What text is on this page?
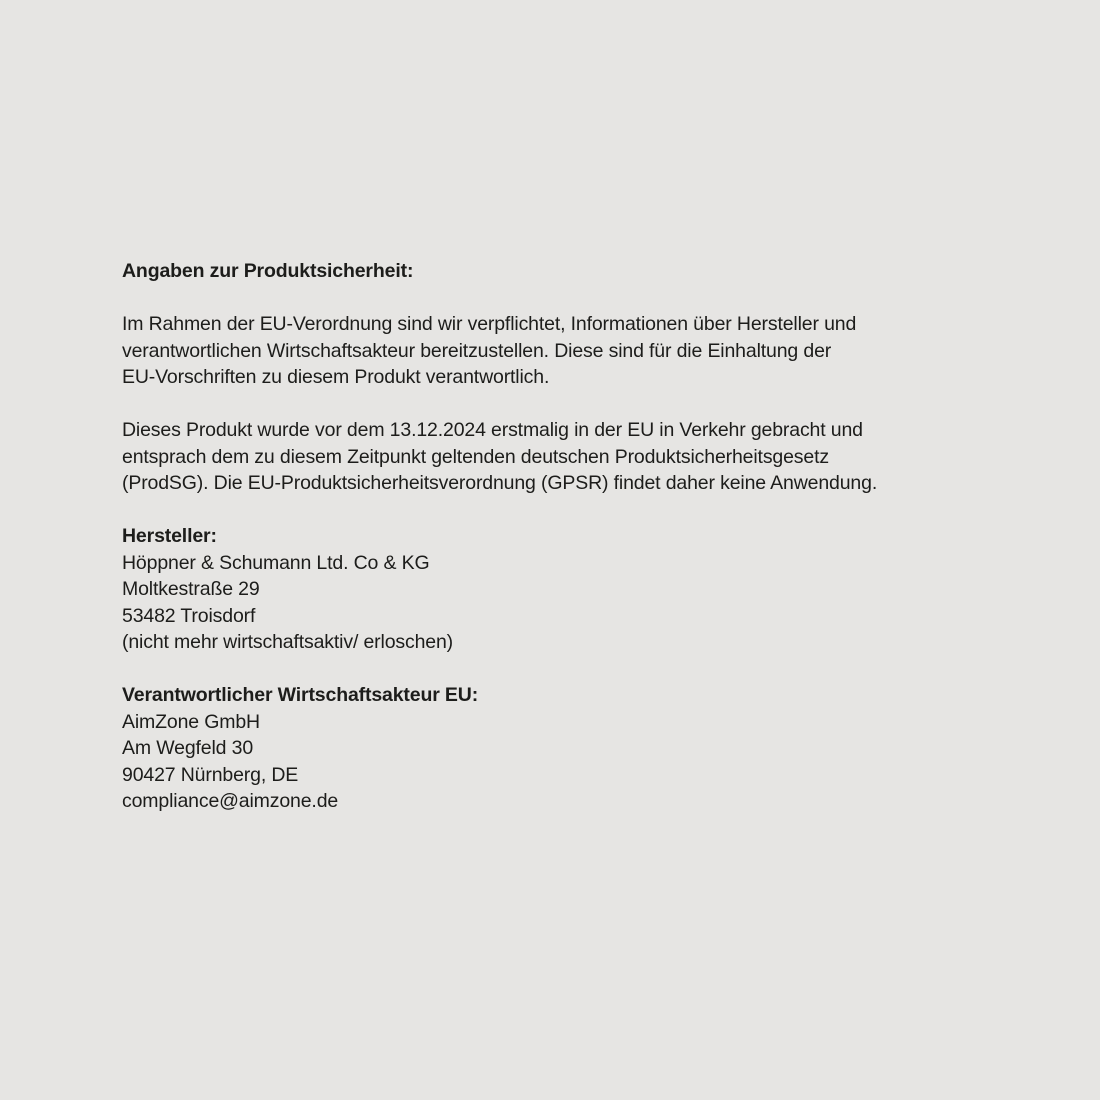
Angaben zur Produktsicherheit:
Im Rahmen der EU-Verordnung sind wir verpflichtet, Informationen über Hersteller und
verantwortlichen Wirtschaftsakteur bereitzustellen. Diese sind für die Einhaltung der
EU-Vorschriften zu diesem Produkt verantwortlich.
Dieses Produkt wurde vor dem 13.12.2024 erstmalig in der EU in Verkehr gebracht und
entsprach dem zu diesem Zeitpunkt geltenden deutschen Produktsicherheitsgesetz
(ProdSG). Die EU-Produktsicherheitsverordnung (GPSR) findet daher keine Anwendung.
Hersteller:
Höppner & Schumann Ltd. Co & KG
Moltkestraße 29
53482 Troisdorf
(nicht mehr wirtschaftsaktiv/ erloschen)
Verantwortlicher Wirtschaftsakteur EU:
AimZone GmbH
Am Wegfeld 30
90427 Nürnberg, DE
compliance@aimzone.de
